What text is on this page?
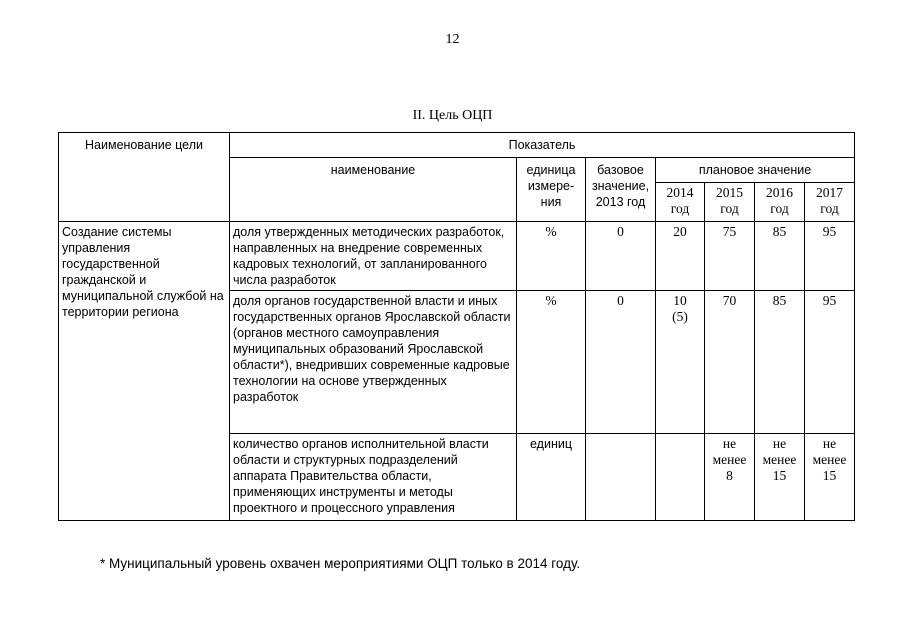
12
II. Цель ОЦП
Наименование цели	Показатель						
	наименование	единица измере-ния	базовое значение, 2013 год	плановое значение			
				2014 год	2015 год	2016 год	2017 год
Создание системы управления государственной гражданской и муниципальной службой на территории региона	доля утвержденных методических разработок, направленных на внедрение современных кадровых технологий, от запланированного числа разработок	%	0	20	75	85	95
	доля органов государственной власти и иных государственных органов Ярославской области (органов местного самоуправления муниципальных образований Ярославской области*), внедривших современные кадровые технологии на основе утвержденных разработок	%	0	10 (5)	70	85	95
	количество органов исполнительной власти области и структурных подразделений аппарата Правительства области, применяющих инструменты и методы проектного и процессного управления	единиц			не менее 8	не менее 15	не менее 15
* Муниципальный уровень охвачен мероприятиями ОЦП только в 2014 году.
